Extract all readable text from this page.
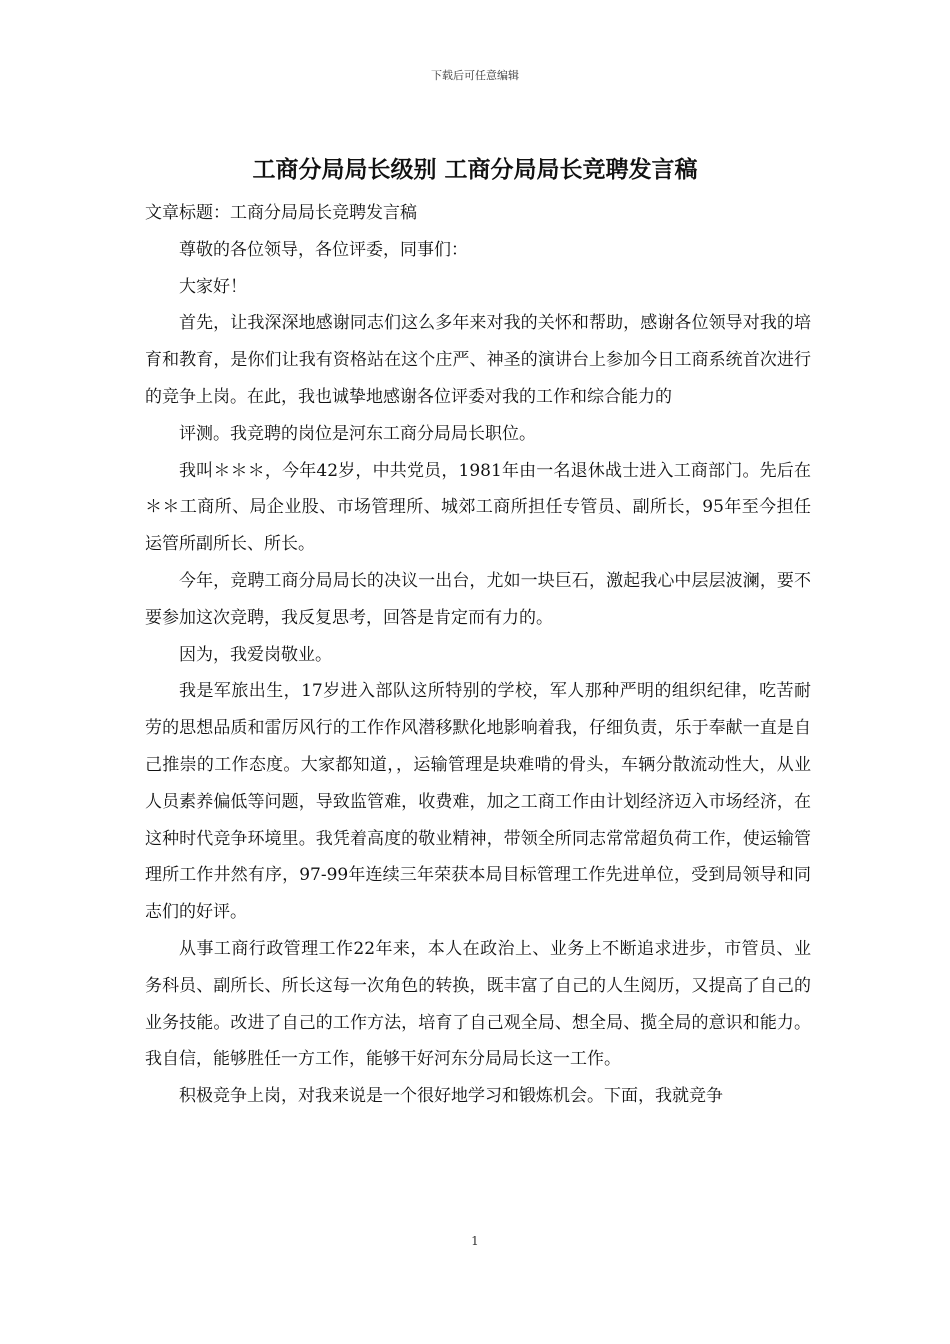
下载后可任意编辑
工商分局局长级别 工商分局局长竞聘发言稿

文章标题：工商分局局长竞聘发言稿

尊敬的各位领导，各位评委，同事们：

大家好！

首先，让我深深地感谢同志们这么多年来对我的关怀和帮助，感谢各位领导对我的培育和教育，是你们让我有资格站在这个庄严、神圣的演讲台上参加今日工商系统首次进行的竞争上岗。在此，我也诚挚地感谢各位评委对我的工作和综合能力的

评测。我竞聘的岗位是河东工商分局局长职位。

我叫＊＊＊，今年42岁，中共党员，1981年由一名退休战士进入工商部门。先后在＊＊工商所、局企业股、市场管理所、城郊工商所担任专管员、副所长，95年至今担任运管所副所长、所长。

今年，竞聘工商分局局长的决议一出台，尤如一块巨石，激起我心中层层波澜，要不要参加这次竞聘，我反复思考，回答是肯定而有力的。

因为，我爱岗敬业。

我是军旅出生，17岁进入部队这所特别的学校，军人那种严明的组织纪律，吃苦耐劳的思想品质和雷厉风行的工作作风潜移默化地影响着我，仔细负责，乐于奉献一直是自己推崇的工作态度。大家都知道，，运输管理是块难啃的骨头，车辆分散流动性大，从业人员素养偏低等问题，导致监管难，收费难，加之工商工作由计划经济迈入市场经济，在这种时代竞争环境里。我凭着高度的敬业精神，带领全所同志常常超负荷工作，使运输管理所工作井然有序，97-99年连续三年荣获本局目标管理工作先进单位，受到局领导和同志们的好评。

从事工商行政管理工作22年来，本人在政治上、业务上不断追求进步，市管员、业务科员、副所长、所长这每一次角色的转换，既丰富了自己的人生阅历，又提高了自己的业务技能。改进了自己的工作方法，培育了自己观全局、想全局、揽全局的意识和能力。我自信，能够胜任一方工作，能够干好河东分局局长这一工作。

积极竞争上岗，对我来说是一个很好地学习和锻炼机会。下面，我就竞争

1
